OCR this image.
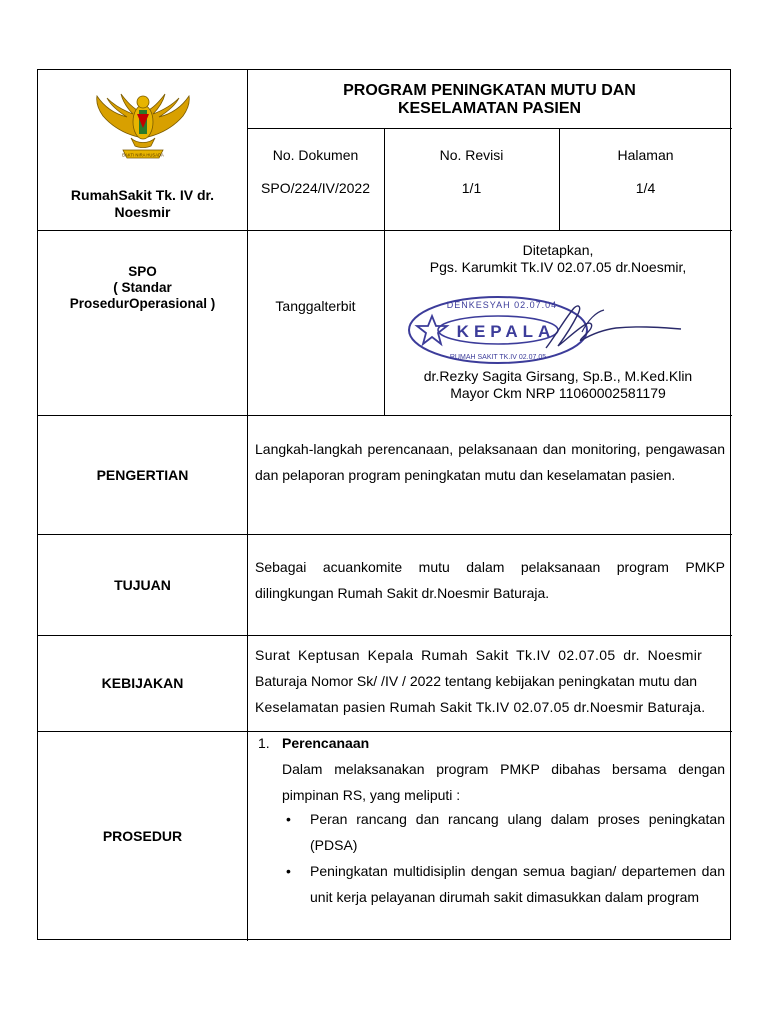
BAKTI NIRA HUSADA
RumahSakit Tk. IV dr.
Noesmir
PROGRAM PENINGKATAN MUTU DAN
KESELAMATAN PASIEN
No. Dokumen
SPO/224/IV/2022
No. Revisi
1/1
Halaman
1/4
SPO
( Standar
ProsedurOperasional )	Tanggalterbit
Ditetapkan,
Pgs. Karumkit Tk.IV 02.07.05 dr.Noesmir,
KEPALA
DENKESYAH 02.07.04
RUMAH SAKIT TK.IV 02.07.05
dr.Rezky Sagita Girsang, Sp.B., M.Ked.Klin
Mayor Ckm NRP 11060002581179
PENGERTIAN
Langkah-langkah perencanaan, pelaksanaan dan monitoring, pengawasan dan pelaporan program peningkatan mutu dan keselamatan pasien.
TUJUAN
Sebagai acuankomite mutu dalam pelaksanaan program PMKP dilingkungan Rumah Sakit dr.Noesmir Baturaja.
KEBIJAKAN
Surat Keptusan Kepala Rumah Sakit Tk.IV 02.07.05 dr. Noesmir
Baturaja Nomor Sk/ /IV / 2022 tentang kebijakan peningkatan mutu dan
Keselamatan pasien Rumah Sakit Tk.IV 02.07.05 dr.Noesmir Baturaja.
PROSEDUR
1. Perencanaan
Dalam melaksanakan program PMKP dibahas bersama dengan pimpinan RS, yang meliputi :
• Peran rancang dan rancang ulang dalam proses peningkatan (PDSA)
• Peningkatan multidisiplin dengan semua bagian/ departemen dan unit kerja pelayanan dirumah sakit dimasukkan dalam program
